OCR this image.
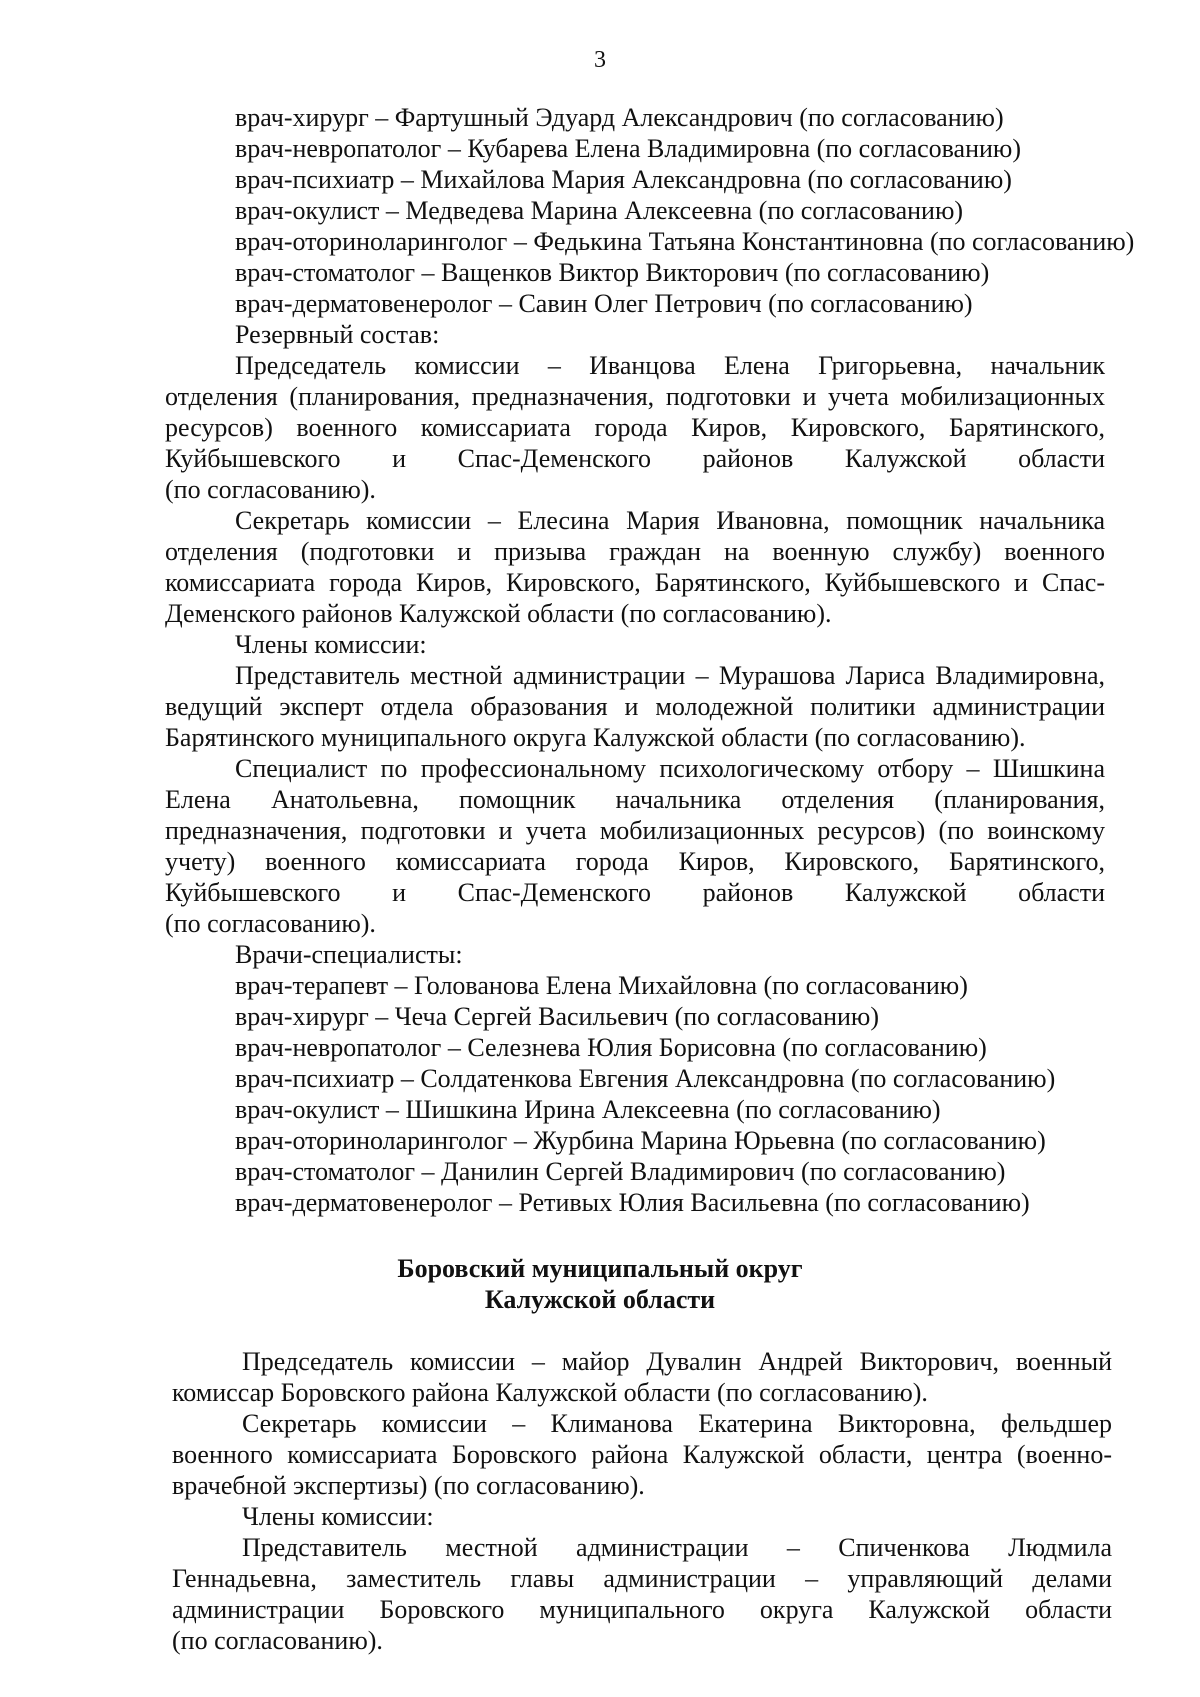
3

врач-хирург – Фартушный Эдуард Александрович (по согласованию)

врач-невропатолог – Кубарева Елена Владимировна (по согласованию)

врач-психиатр – Михайлова Мария Александровна (по согласованию)

врач-окулист – Медведева Марина Алексеевна (по согласованию)

врач-оториноларинголог – Федькина Татьяна Константиновна (по согласованию)

врач-стоматолог – Ващенков Виктор Викторович (по согласованию)

врач-дерматовенеролог – Савин Олег Петрович (по согласованию)

Резервный состав:

Председатель комиссии – Иванцова Елена Григорьевна, начальник

отделения (планирования, предназначения, подготовки и учета мобилизационных

ресурсов) военного комиссариата города Киров, Кировского, Барятинского,

Куйбышевского и Спас-Деменского районов Калужской области

(по согласованию).

Секретарь комиссии – Елесина Мария Ивановна, помощник начальника

отделения (подготовки и призыва граждан на военную службу) военного

комиссариата города Киров, Кировского, Барятинского, Куйбышевского и Спас-

Деменского районов Калужской области (по согласованию).

Члены комиссии:

Представитель местной администрации – Мурашова Лариса Владимировна,

ведущий эксперт отдела образования и молодежной политики администрации

Барятинского муниципального округа Калужской области (по согласованию).

Специалист по профессиональному психологическому отбору – Шишкина

Елена Анатольевна, помощник начальника отделения (планирования,

предназначения, подготовки и учета мобилизационных ресурсов) (по воинскому

учету) военного комиссариата города Киров, Кировского, Барятинского,

Куйбышевского и Спас-Деменского районов Калужской области

(по согласованию).

Врачи-специалисты:

врач-терапевт – Голованова Елена Михайловна (по согласованию)

врач-хирург – Чеча Сергей Васильевич (по согласованию)

врач-невропатолог – Селезнева Юлия Борисовна (по согласованию)

врач-психиатр – Солдатенкова Евгения Александровна (по согласованию)

врач-окулист – Шишкина Ирина Алексеевна (по согласованию)

врач-оториноларинголог – Журбина Марина Юрьевна (по согласованию)

врач-стоматолог – Данилин Сергей Владимирович (по согласованию)

врач-дерматовенеролог – Ретивых Юлия Васильевна (по согласованию)

Боровский муниципальный округ

Калужской области

Председатель комиссии – майор Дувалин Андрей Викторович, военный

комиссар Боровского района Калужской области (по согласованию).

Секретарь комиссии – Климанова Екатерина Викторовна, фельдшер

военного комиссариата Боровского района Калужской области, центра (военно-

врачебной экспертизы) (по согласованию).

Члены комиссии:

Представитель местной администрации – Спиченкова Людмила

Геннадьевна, заместитель главы администрации – управляющий делами

администрации Боровского муниципального округа Калужской области

(по согласованию).
